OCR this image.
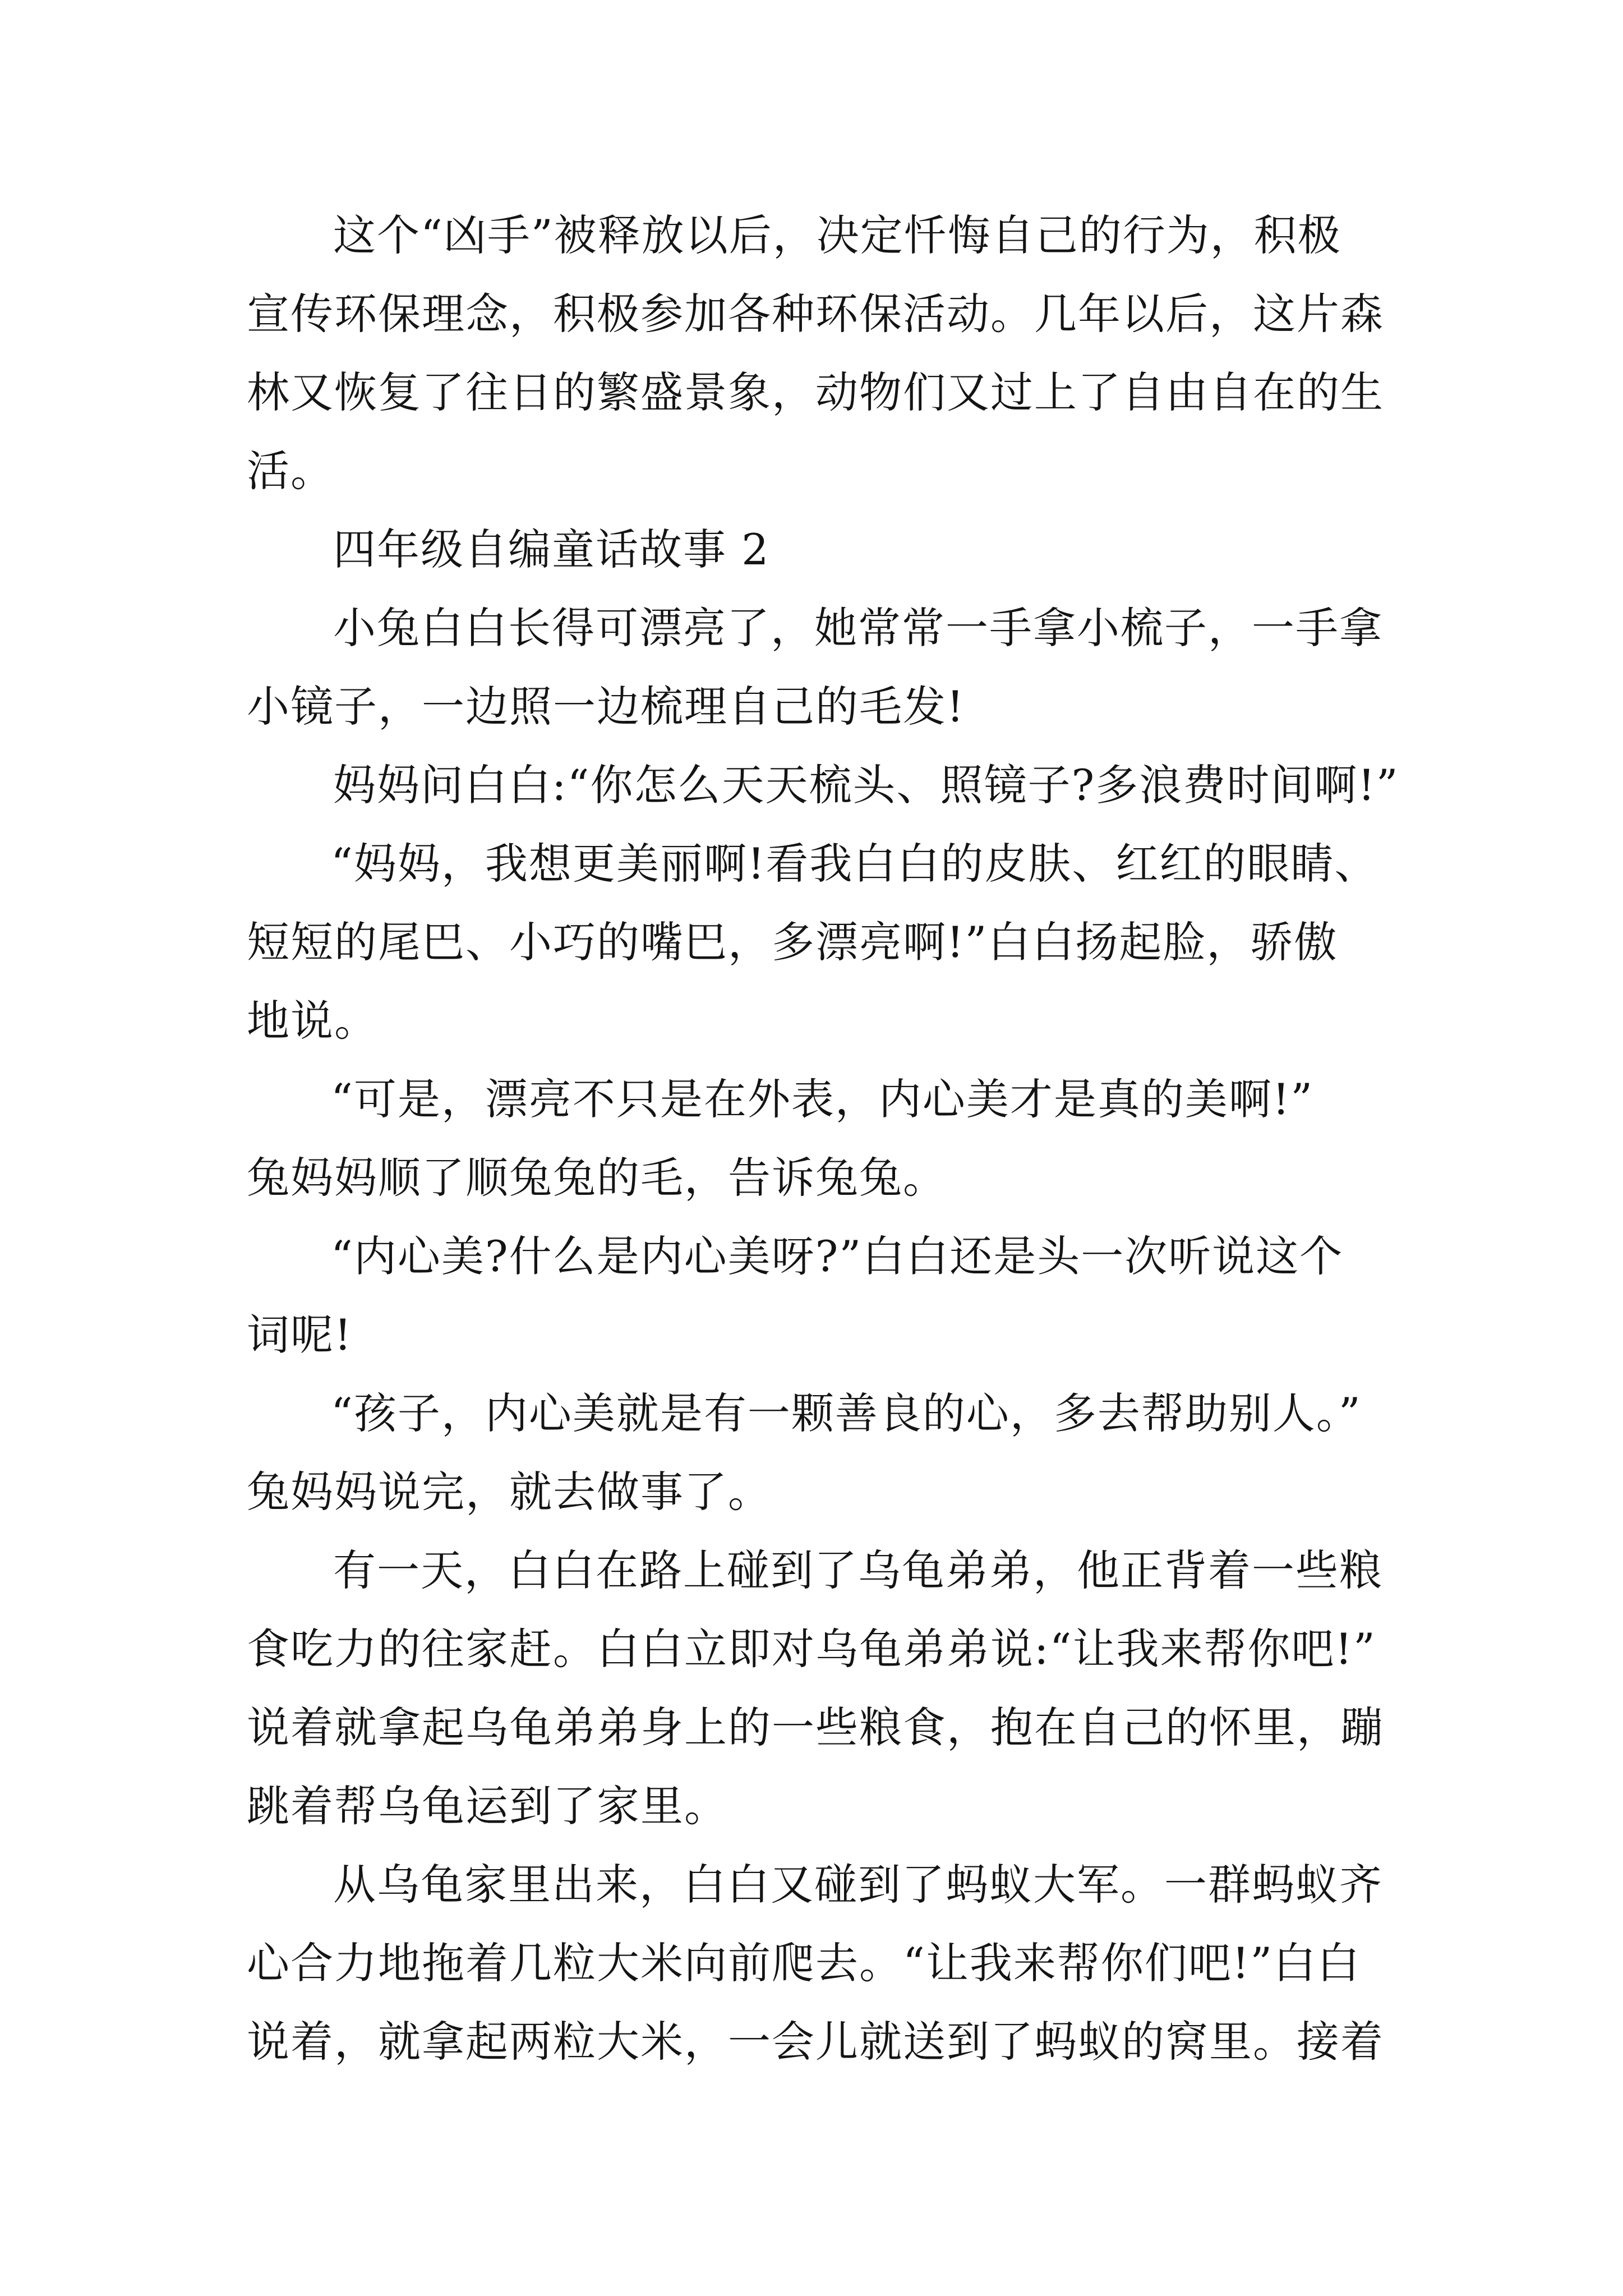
这个“凶手”被释放以后，决定忏悔自己的行为，积极
宣传环保理念，积极参加各种环保活动。几年以后，这片森
林又恢复了往日的繁盛景象，动物们又过上了自由自在的生
活。
四年级自编童话故事 2
小兔白白长得可漂亮了，她常常一手拿小梳子，一手拿
小镜子，一边照一边梳理自己的毛发!
妈妈问白白:“你怎么天天梳头、照镜子?多浪费时间啊!”
“妈妈，我想更美丽啊!看我白白的皮肤、红红的眼睛、
短短的尾巴、小巧的嘴巴，多漂亮啊!”白白扬起脸，骄傲
地说。
“可是，漂亮不只是在外表，内心美才是真的美啊!”
兔妈妈顺了顺兔兔的毛，告诉兔兔。
“内心美?什么是内心美呀?”白白还是头一次听说这个
词呢!
“孩子，内心美就是有一颗善良的心，多去帮助别人。”
兔妈妈说完，就去做事了。
有一天，白白在路上碰到了乌龟弟弟，他正背着一些粮
食吃力的往家赶。白白立即对乌龟弟弟说:“让我来帮你吧!”
说着就拿起乌龟弟弟身上的一些粮食，抱在自己的怀里，蹦
跳着帮乌龟运到了家里。
从乌龟家里出来，白白又碰到了蚂蚁大军。一群蚂蚁齐
心合力地拖着几粒大米向前爬去。“让我来帮你们吧!”白白
说着，就拿起两粒大米，一会儿就送到了蚂蚁的窝里。接着
